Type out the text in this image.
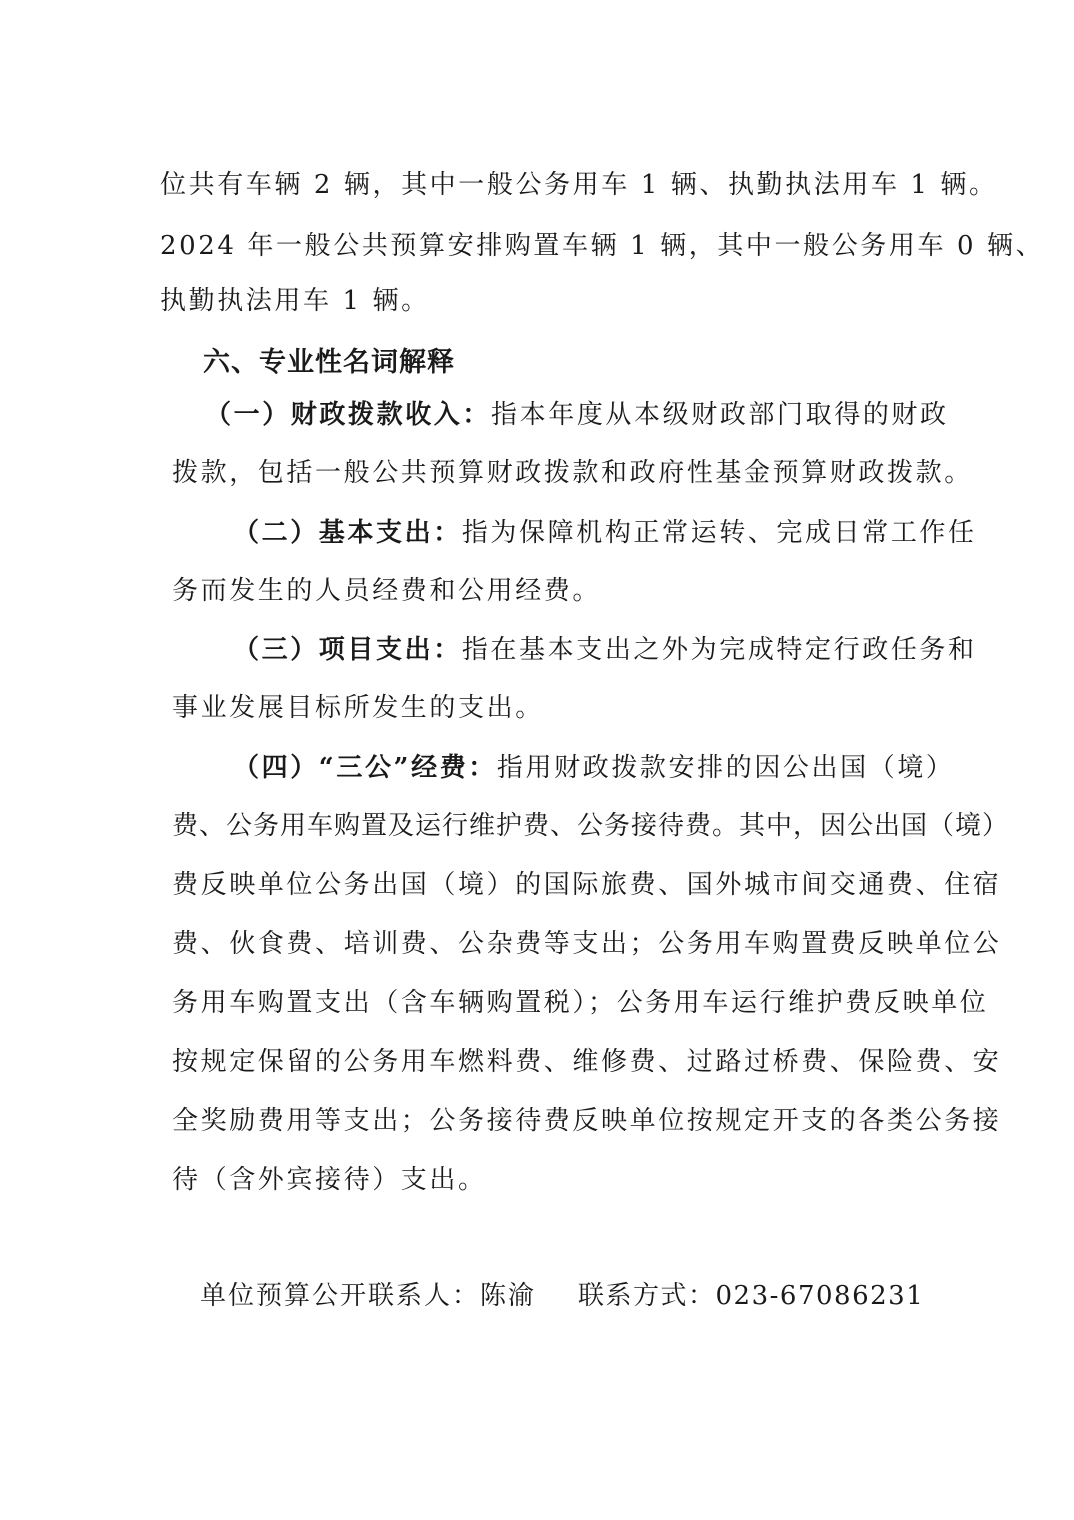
位共有车辆 2 辆，其中一般公务用车 1 辆、执勤执法用车 1 辆。
2024 年一般公共预算安排购置车辆 1 辆，其中一般公务用车 0 辆、
执勤执法用车 1 辆。
六、专业性名词解释
（一）财政拨款收入：指本年度从本级财政部门取得的财政
拨款，包括一般公共预算财政拨款和政府性基金预算财政拨款。
（二）基本支出：指为保障机构正常运转、完成日常工作任
务而发生的人员经费和公用经费。
（三）项目支出：指在基本支出之外为完成特定行政任务和
事业发展目标所发生的支出。
（四）“三公”经费：指用财政拨款安排的因公出国（境）
费、公务用车购置及运行维护费、公务接待费。其中，因公出国（境）
费反映单位公务出国（境）的国际旅费、国外城市间交通费、住宿
费、伙食费、培训费、公杂费等支出；公务用车购置费反映单位公
务用车购置支出（含车辆购置税）；公务用车运行维护费反映单位
按规定保留的公务用车燃料费、维修费、过路过桥费、保险费、安
全奖励费用等支出；公务接待费反映单位按规定开支的各类公务接
待（含外宾接待）支出。
单位预算公开联系人：陈渝 联系方式：023-67086231
